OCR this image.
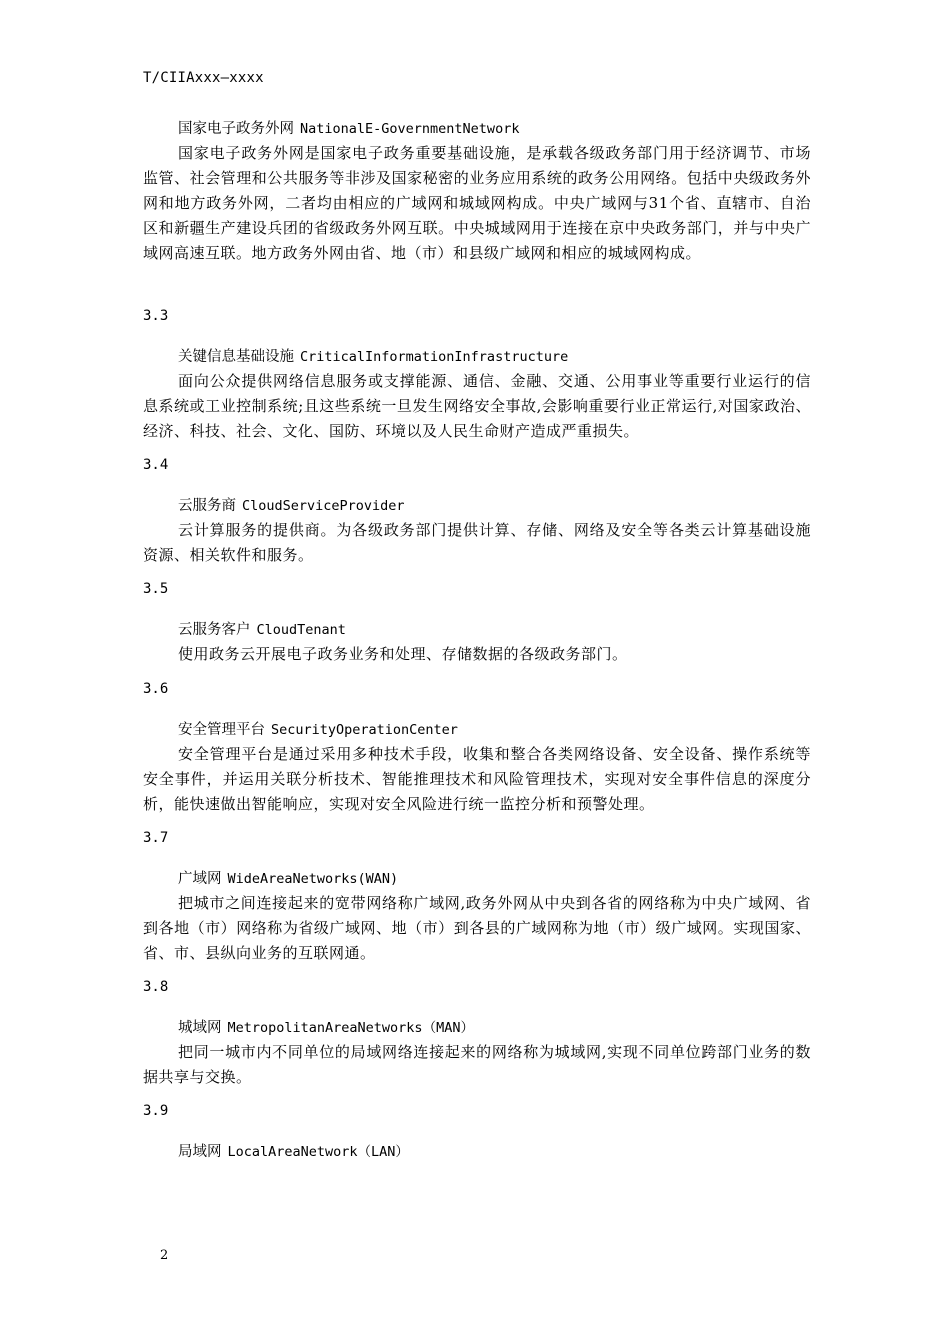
T/CIIAxxx—xxxx
国家电子政务外网 NationalE-GovernmentNetwork

国家电子政务外网是国家电子政务重要基础设施，是承载各级政务部门用于经济调节、市场监管、社会管理和公共服务等非涉及国家秘密的业务应用系统的政务公用网络。包括中央级政务外网和地方政务外网，二者均由相应的广域网和城域网构成。中央广域网与31个省、直辖市、自治区和新疆生产建设兵团的省级政务外网互联。中央城域网用于连接在京中央政务部门，并与中央广域网高速互联。地方政务外网由省、地（市）和县级广域网和相应的城域网构成。

3.3
关键信息基础设施 CriticalInformationInfrastructure

面向公众提供网络信息服务或支撑能源、通信、金融、交通、公用事业等重要行业运行的信息系统或工业控制系统;且这些系统一旦发生网络安全事故,会影响重要行业正常运行,对国家政治、经济、科技、社会、文化、国防、环境以及人民生命财产造成严重损失。

3.4
云服务商 CloudServiceProvider

云计算服务的提供商。为各级政务部门提供计算、存储、网络及安全等各类云计算基础设施资源、相关软件和服务。

3.5
云服务客户 CloudTenant

使用政务云开展电子政务业务和处理、存储数据的各级政务部门。

3.6
安全管理平台 SecurityOperationCenter

安全管理平台是通过采用多种技术手段，收集和整合各类网络设备、安全设备、操作系统等安全事件，并运用关联分析技术、智能推理技术和风险管理技术，实现对安全事件信息的深度分析，能快速做出智能响应，实现对安全风险进行统一监控分析和预警处理。

3.7
广域网 WideAreaNetworks(WAN)

把城市之间连接起来的宽带网络称广域网,政务外网从中央到各省的网络称为中央广域网、省到各地（市）网络称为省级广域网、地（市）到各县的广域网称为地（市）级广域网。实现国家、省、市、县纵向业务的互联网通。

3.8
城域网 MetropolitanAreaNetworks（MAN）

把同一城市内不同单位的局域网络连接起来的网络称为城域网,实现不同单位跨部门业务的数据共享与交换。

3.9
局域网 LocalAreaNetwork（LAN）
2
